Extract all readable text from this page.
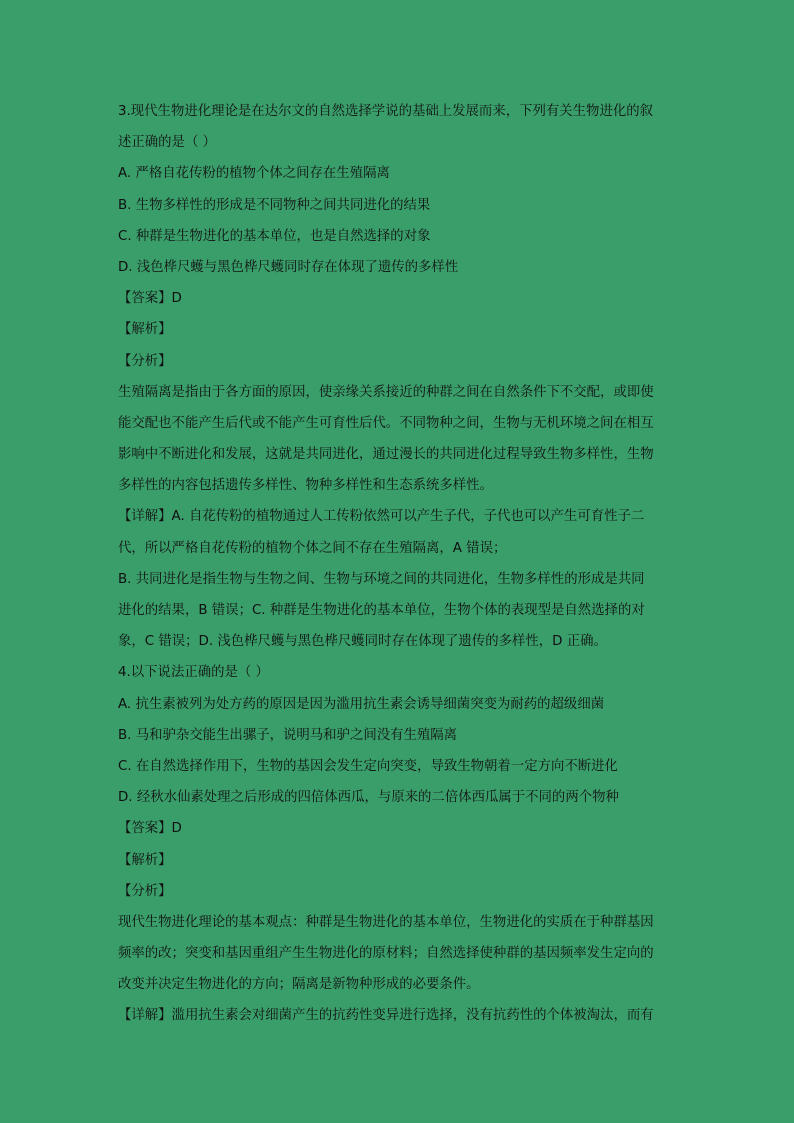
3.现代生物进化理论是在达尔文的自然选择学说的基础上发展而来，下列有关生物进化的叙
述正确的是（ ）
A. 严格自花传粉的植物个体之间存在生殖隔离
B. 生物多样性的形成是不同物种之间共同进化的结果
C. 种群是生物进化的基本单位，也是自然选择的对象
D. 浅色桦尺蠖与黑色桦尺蠖同时存在体现了遗传的多样性
【答案】D
【解析】
【分析】
生殖隔离是指由于各方面的原因，使亲缘关系接近的种群之间在自然条件下不交配，或即使
能交配也不能产生后代或不能产生可育性后代。不同物种之间，生物与无机环境之间在相互
影响中不断进化和发展，这就是共同进化，通过漫长的共同进化过程导致生物多样性，生物
多样性的内容包括遗传多样性、物种多样性和生态系统多样性。
【详解】A. 自花传粉的植物通过人工传粉依然可以产生子代，子代也可以产生可育性子二
代，所以严格自花传粉的植物个体之间不存在生殖隔离，A 错误；
B. 共同进化是指生物与生物之间、生物与环境之间的共同进化，生物多样性的形成是共同
进化的结果，B 错误；C. 种群是生物进化的基本单位，生物个体的表现型是自然选择的对
象，C 错误；D. 浅色桦尺蠖与黑色桦尺蠖同时存在体现了遗传的多样性，D 正确。
4.以下说法正确的是（ ）
A. 抗生素被列为处方药的原因是因为滥用抗生素会诱导细菌突变为耐药的超级细菌
B. 马和驴杂交能生出骡子，说明马和驴之间没有生殖隔离
C. 在自然选择作用下，生物的基因会发生定向突变，导致生物朝着一定方向不断进化
D. 经秋水仙素处理之后形成的四倍体西瓜，与原来的二倍体西瓜属于不同的两个物种
【答案】D
【解析】
【分析】
现代生物进化理论的基本观点：种群是生物进化的基本单位，生物进化的实质在于种群基因
频率的改；突变和基因重组产生生物进化的原材料；自然选择使种群的基因频率发生定向的
改变并决定生物进化的方向；隔离是新物种形成的必要条件。
【详解】滥用抗生素会对细菌产生的抗药性变异进行选择，没有抗药性的个体被淘汰，而有
